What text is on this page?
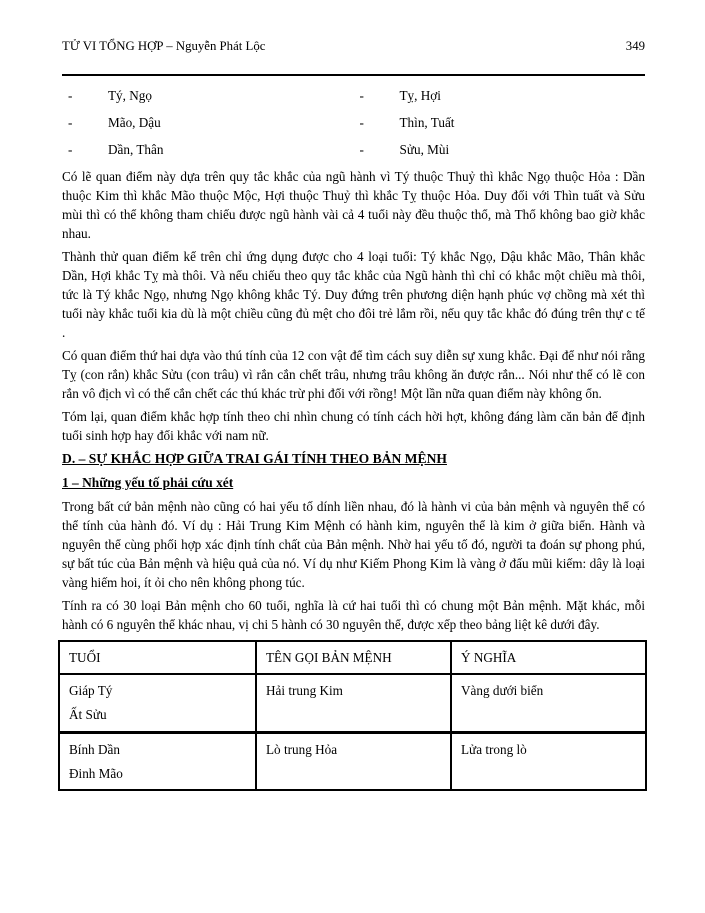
TỬ VI TỔNG HỢP – Nguyễn Phát Lộc	349
-	Tý, Ngọ	-	Tỵ, Hợi
-	Mão, Dậu	-	Thìn, Tuất
-	Dần, Thân	-	Sửu, Mùi

Có lẽ quan điểm này dựa trên quy tắc khắc của ngũ hành vì Tý thuộc Thuỷ thì khắc Ngọ thuộc Hỏa : Dần thuộc Kim thì khắc Mão thuộc Mộc, Hợi thuộc Thuỷ thì khắc Tỵ thuộc Hỏa. Duy đối với Thìn tuất và Sửu mùi thì có thể không tham chiếu được ngũ hành vài cả 4 tuổi này đều thuộc thổ, mà Thổ không bao giờ khắc nhau.

Thành thử quan điểm kể trên chỉ ứng dụng được cho 4 loại tuổi: Tý khắc Ngọ, Dậu khắc Mão, Thân khắc Dần, Hợi khắc Tỵ mà thôi. Và nếu chiếu theo quy tắc khắc của Ngũ hành thì chỉ có khắc một chiều mà thôi, tức là Tý khắc Ngọ, nhưng Ngọ không khắc Tý. Duy đứng trên phương diện hạnh phúc vợ chồng mà xét thì tuổi này khắc tuổi kia dù là một chiều cũng đủ mệt cho đôi trẻ lắm rồi, nếu quy tắc khắc đó đúng trên thự c tế .

Có quan điểm thứ hai dựa vào thú tính của 12 con vật để tìm cách suy diễn sự xung khắc. Đại để như nói rằng Tỵ (con rắn) khắc Sửu (con trâu) vì rắn cắn chết trâu, nhưng trâu không ăn được rắn... Nói như thế có lẽ con rắn vô địch vì có thể cắn chết các thú khác trừ phi đối với rồng! Một lần nữa quan điểm này không ổn.

Tóm lại, quan điểm khắc hợp tính theo chi nhìn chung có tính cách hời hợt, không đáng làm căn bản để định tuổi sinh hợp hay đối khắc với nam nữ.

D. – SỰ KHẮC HỢP GIỮA TRAI GÁI TÍNH THEO BẢN MỆNH
1 – Những yếu tố phải cứu xét

Trong bất cứ bản mệnh nào cũng có hai yếu tố dính liền nhau, đó là hành vi của bản mệnh và nguyên thể có thể tính của hành đó. Ví dụ : Hải Trung Kim Mệnh có hành kim, nguyên thể là kim ở giữa biển. Hành và nguyên thể cùng phối hợp xác định tính chất của Bản mệnh. Nhờ hai yếu tố đó, người ta đoán sự phong phú, sự bất túc của Bản mệnh và hiệu quả của nó. Ví dụ như Kiếm Phong Kim là vàng ở đấu mũi kiếm: dây là loại vàng hiếm hoi, ít ỏi cho nên không phong túc.

Tính ra có 30 loại Bản mệnh cho 60 tuổi, nghĩa là cứ hai tuổi thì có chung một Bản mệnh. Mặt khác, mỗi hành có 6 nguyên thể khác nhau, vị chi 5 hành có 30 nguyên thể, được xếp theo bảng liệt kê dưới đây.

TUỔI	TÊN GỌI BẢN MỆNH	Ý NGHĨA

Giáp Tý
Ất Sửu	Hải trung Kim	Vàng dưới biển

Bính Dần
Đinh Mão	Lò trung Hỏa	Lửa trong lò
